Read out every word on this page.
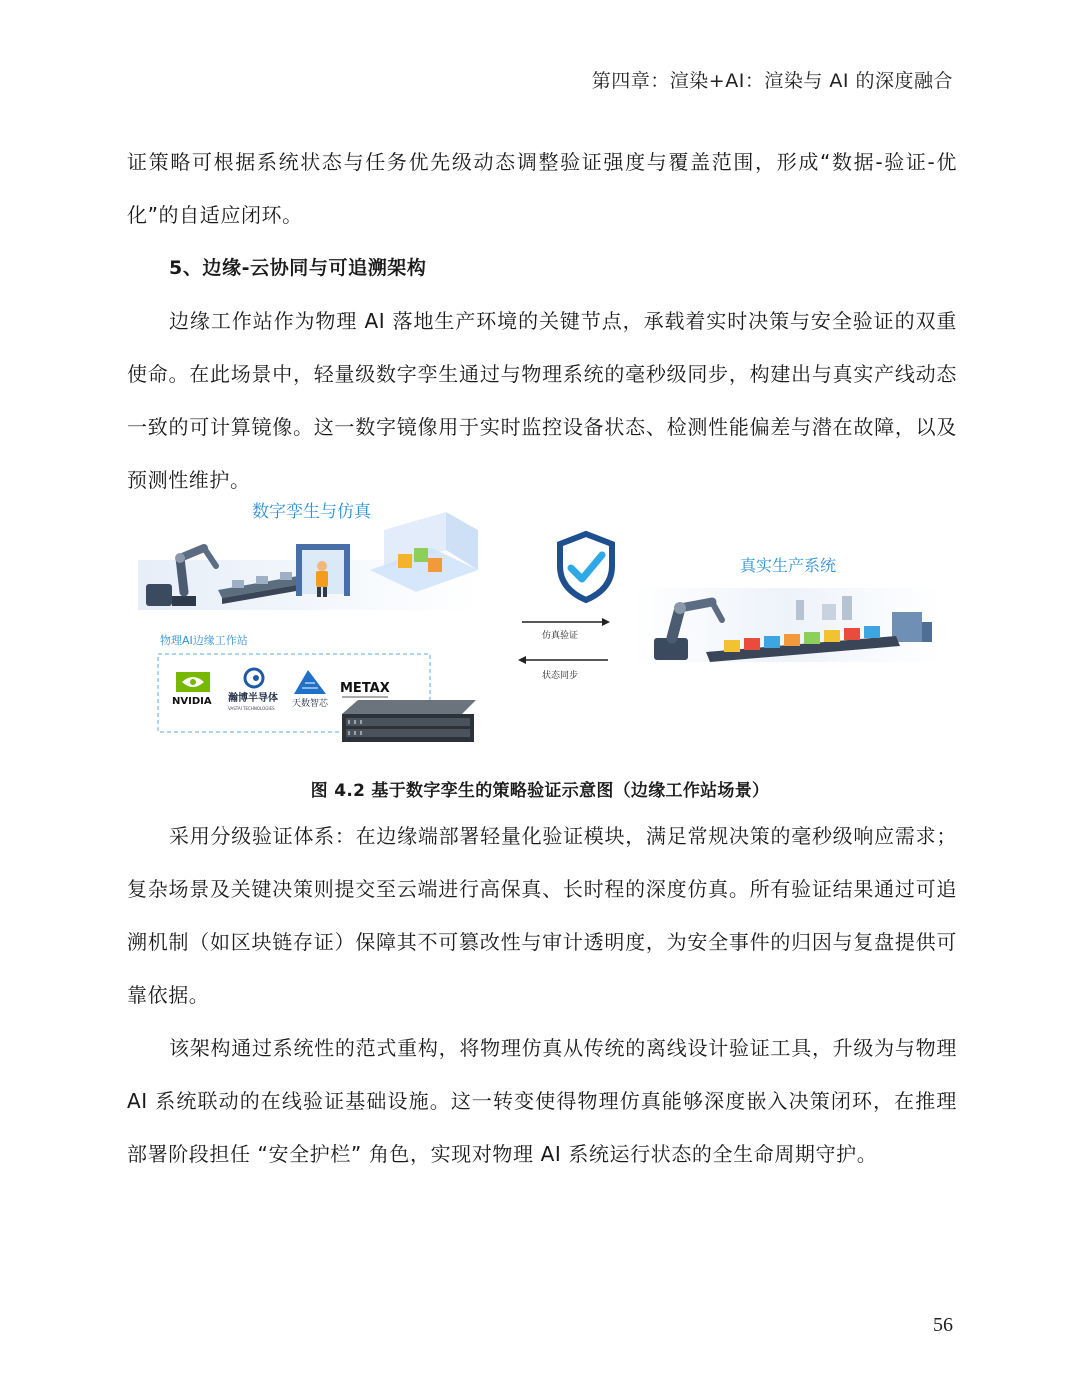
第四章：渲染+AI：渲染与 AI 的深度融合

证策略可根据系统状态与任务优先级动态调整验证强度与覆盖范围，形成“数据-验证-优化”的自适应闭环。

5、边缘-云协同与可追溯架构

边缘工作站作为物理 AI 落地生产环境的关键节点，承载着实时决策与安全验证的双重使命。在此场景中，轻量级数字孪生通过与物理系统的毫秒级同步，构建出与真实产线动态一致的可计算镜像。这一数字镜像用于实时监控设备状态、检测性能偏差与潜在故障，以及预测性维护。

数字孪生与仿真
物理AI边缘工作站
NVIDIA 瀚博半导体
VASTAI TECHNOLOGIES 天数智芯
METAX
仿真验证
状态同步
真实生产系统
图 4.2 基于数字孪生的策略验证示意图（边缘工作站场景）

采用分级验证体系：在边缘端部署轻量化验证模块，满足常规决策的毫秒级响应需求；复杂场景及关键决策则提交至云端进行高保真、长时程的深度仿真。所有验证结果通过可追溯机制（如区块链存证）保障其不可篡改性与审计透明度，为安全事件的归因与复盘提供可靠依据。

该架构通过系统性的范式重构，将物理仿真从传统的离线设计验证工具，升级为与物理 AI 系统联动的在线验证基础设施。这一转变使得物理仿真能够深度嵌入决策闭环，在推理部署阶段担任 “安全护栏” 角色，实现对物理 AI 系统运行状态的全生命周期守护。

56
